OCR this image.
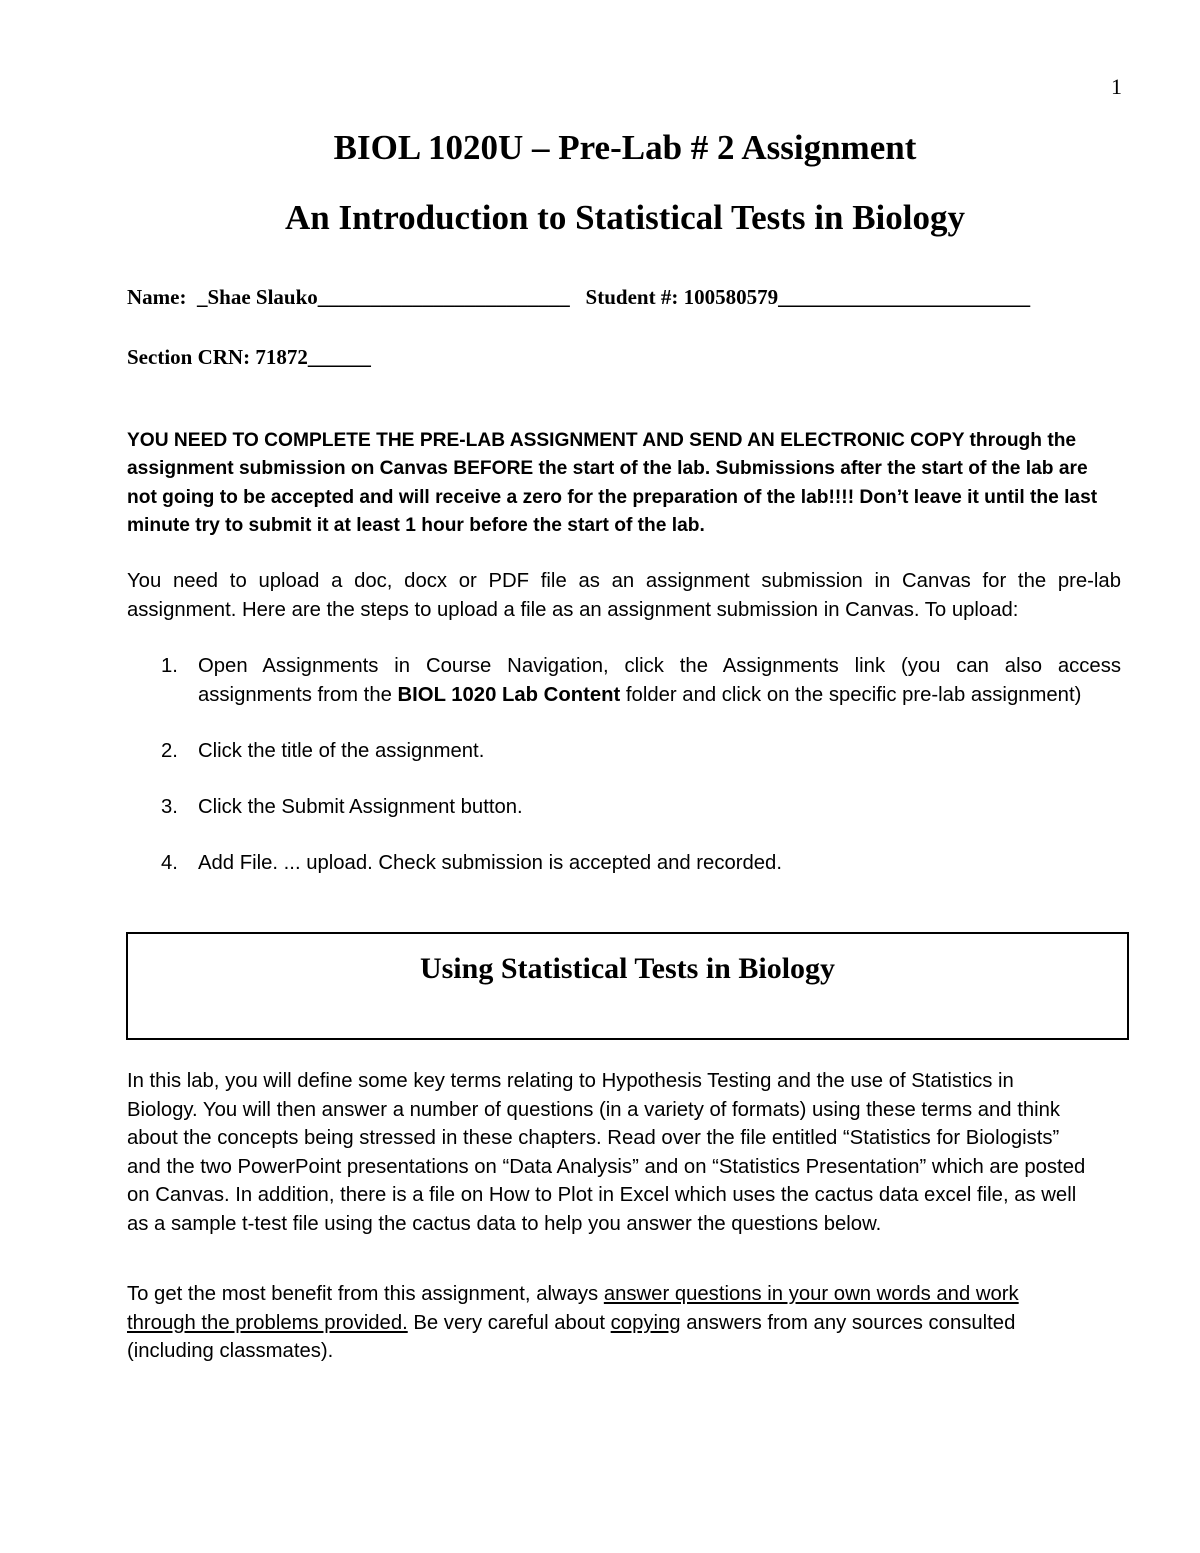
1
BIOL 1020U – Pre-Lab # 2 Assignment
An Introduction to Statistical Tests in Biology
Name:  _Shae Slauko________________________   Student #: 100580579________________________
Section CRN: 71872______
YOU NEED TO COMPLETE THE PRE-LAB ASSIGNMENT AND SEND AN ELECTRONIC COPY through the assignment submission on Canvas BEFORE the start of the lab. Submissions after the start of the lab are not going to be accepted and will receive a zero for the preparation of the lab!!!! Don’t leave it until the last minute try to submit it at least 1 hour before the start of the lab.
You need to upload a doc, docx or PDF file as an assignment submission in Canvas for the pre-lab
assignment. Here are the steps to upload a file as an assignment submission in Canvas. To upload:
1. Open Assignments in Course Navigation, click the Assignments link (you can also access
assignments from the BIOL 1020 Lab Content folder and click on the specific pre-lab assignment)
2. Click the title of the assignment.
3. Click the Submit Assignment button.
4. Add File. ... upload. Check submission is accepted and recorded.
Using Statistical Tests in Biology
In this lab, you will define some key terms relating to Hypothesis Testing and the use of Statistics in Biology. You will then answer a number of questions (in a variety of formats) using these terms and think about the concepts being stressed in these chapters. Read over the file entitled “Statistics for Biologists” and the two PowerPoint presentations on “Data Analysis” and on “Statistics Presentation” which are posted on Canvas. In addition, there is a file on How to Plot in Excel which uses the cactus data excel file, as well as a sample t-test file using the cactus data to help you answer the questions below.
To get the most benefit from this assignment, always answer questions in your own words and work through the problems provided. Be very careful about copying answers from any sources consulted (including classmates).
